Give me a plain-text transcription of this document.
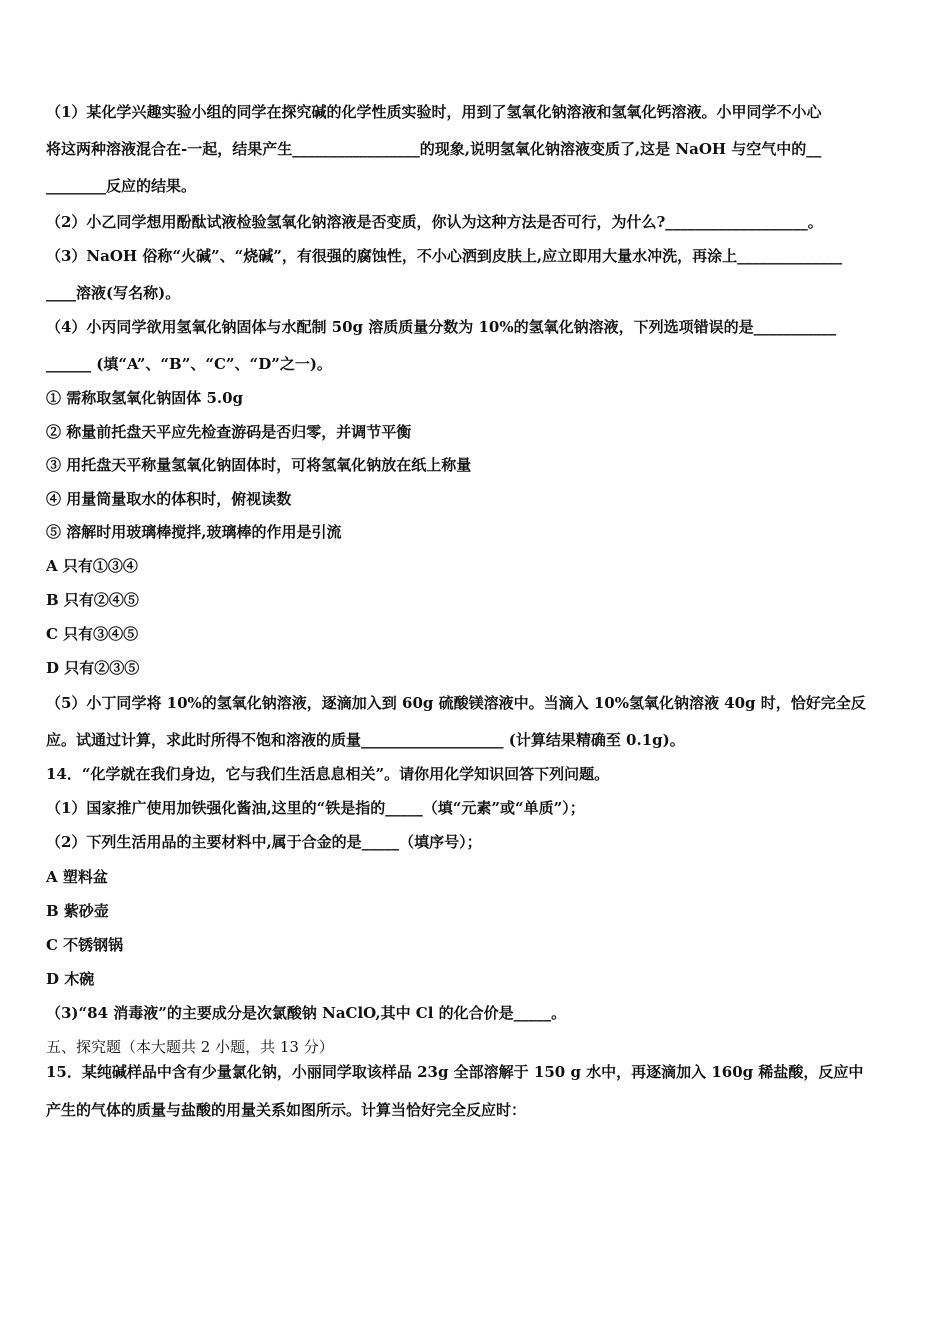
（1）某化学兴趣实验小组的同学在探究碱的化学性质实验时，用到了氢氧化钠溶液和氢氧化钙溶液。小甲同学不小心
将这两种溶液混合在-一起，结果产生_________________的现象,说明氢氧化钠溶液变质了,这是 NaOH 与空气中的__
________反应的结果。
（2）小乙同学想用酚酞试液检验氢氧化钠溶液是否变质，你认为这种方法是否可行，为什么?___________________。
（3）NaOH 俗称“火碱”、“烧碱”，有很强的腐蚀性，不小心洒到皮肤上,应立即用大量水冲洗，再涂上______________
____溶液(写名称)。
（4）小丙同学欲用氢氧化钠固体与水配制 50g 溶质质量分数为 10%的氢氧化钠溶液，下列选项错误的是___________
______ (填“A”、“B”、“C”、“D”之一)。
① 需称取氢氧化钠固体 5.0g
② 称量前托盘天平应先检查游码是否归零，并调节平衡
③ 用托盘天平称量氢氧化钠固体时，可将氢氧化钠放在纸上称量
④ 用量筒量取水的体积时，俯视读数
⑤ 溶解时用玻璃棒搅拌,玻璃棒的作用是引流
A 只有①③④
B 只有②④⑤
C 只有③④⑤
D 只有②③⑤
（5）小丁同学将 10%的氢氧化钠溶液，逐滴加入到 60g 硫酸镁溶液中。当滴入 10%氢氧化钠溶液 40g 时，恰好完全反
应。试通过计算，求此时所得不饱和溶液的质量___________________ (计算结果精确至 0.1g)。
14．“化学就在我们身边，它与我们生活息息相关”。请你用化学知识回答下列问题。
（1）国家推广使用加铁强化酱油,这里的“铁是指的_____（填“元素”或“单质”）；
（2）下列生活用品的主要材料中,属于合金的是_____（填序号）；
A 塑料盆
B 紫砂壶
C 不锈钢锅
D 木碗
（3)“84 消毒液”的主要成分是次氯酸钠 NaClO,其中 Cl 的化合价是_____。
五、探究题（本大题共 2 小题，共 13 分）
15．某纯碱样品中含有少量氯化钠，小丽同学取该样品 23g 全部溶解于 150 g 水中，再逐滴加入 160g 稀盐酸，反应中
产生的气体的质量与盐酸的用量关系如图所示。计算当恰好完全反应时：
